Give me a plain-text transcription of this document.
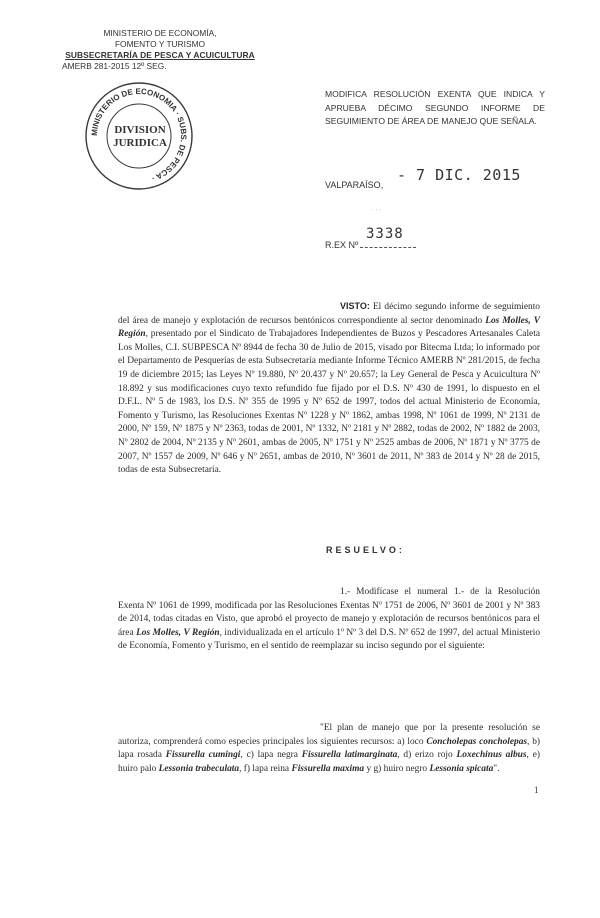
MINISTERIO DE ECONOMÍA,
FOMENTO Y TURISMO
SUBSECRETARÍA DE PESCA Y ACUICULTURA
AMERB 281-2015 12º SEG.
MINISTERIO DE ECONOMIA · SUBS. DE PESCA ·
DIVISION
JURIDICA
MODIFICA RESOLUCIÓN EXENTA QUE INDICA Y APRUEBA DÉCIMO SEGUNDO INFORME DE SEGUIMIENTO DE ÁREA DE MANEJO QUE SEÑALA.
- 7 DIC. 2015
VALPARAÍSO,
˙ ˙ ˙
3338
R.EX Nº
VISTO: El décimo segundo informe de seguimiento del área de manejo y explotación de recursos bentónicos correspondiente al sector denominado Los Molles, V Región, presentado por el Sindicato de Trabajadores Independientes de Buzos y Pescadores Artesanales Caleta Los Molles, C.I. SUBPESCA Nº 8944 de fecha 30 de Julio de 2015, visado por Bitecma Ltda; lo informado por el Departamento de Pesquerías de esta Subsecretaría mediante Informe Técnico AMERB Nº 281/2015, de fecha 19 de diciembre 2015; las Leyes Nº 19.880, Nº 20.437 y Nº 20.657; la Ley General de Pesca y Acuicultura Nº 18.892 y sus modificaciones cuyo texto refundido fue fijado por el D.S. Nº 430 de 1991, lo dispuesto en el D.F.L. Nº 5 de 1983, los D.S. Nº 355 de 1995 y Nº 652 de 1997, todos del actual Ministerio de Economía, Fomento y Turismo, las Resoluciones Exentas Nº 1228 y Nº 1862, ambas 1998, Nº 1061 de 1999, Nº 2131 de 2000, Nº 159, Nº 1875 y Nº 2363, todas de 2001, Nº 1332, Nº 2181 y Nº 2882, todas de 2002, Nº 1882 de 2003, Nº 2802 de 2004, Nº 2135 y Nº 2601, ambas de 2005, Nº 1751 y Nº 2525 ambas de 2006, Nº 1871 y Nº 3775 de 2007, Nº 1557 de 2009, Nº 646 y Nº 2651, ambas de 2010, Nº 3601 de 2011, Nº 383 de 2014 y Nº 28 de 2015, todas de esta Subsecretaría.
RESUELVO:
1.- Modifícase el numeral 1.- de la Resolución Exenta Nº 1061 de 1999, modificada por las Resoluciones Exentas Nº 1751 de 2006, Nº 3601 de 2001 y Nº 383 de 2014, todas citadas en Visto, que aprobó el proyecto de manejo y explotación de recursos bentónicos para el área Los Molles, V Región, individualizada en el artículo 1º Nº 3 del D.S. Nº 652 de 1997, del actual Ministerio de Economía, Fomento y Turismo, en el sentido de reemplazar su inciso segundo por el siguiente:
"El plan de manejo que por la presente resolución se autoriza, comprenderá como especies principales los siguientes recursos: a) loco Concholepas concholepas, b) lapa rosada Fissurella cumingi, c) lapa negra Fissurella latimarginata, d) erizo rojo Loxechinus albus, e) huiro palo Lessonia trabeculata, f) lapa reina Fissurella maxima y g) huiro negro Lessonia spicata".
1
